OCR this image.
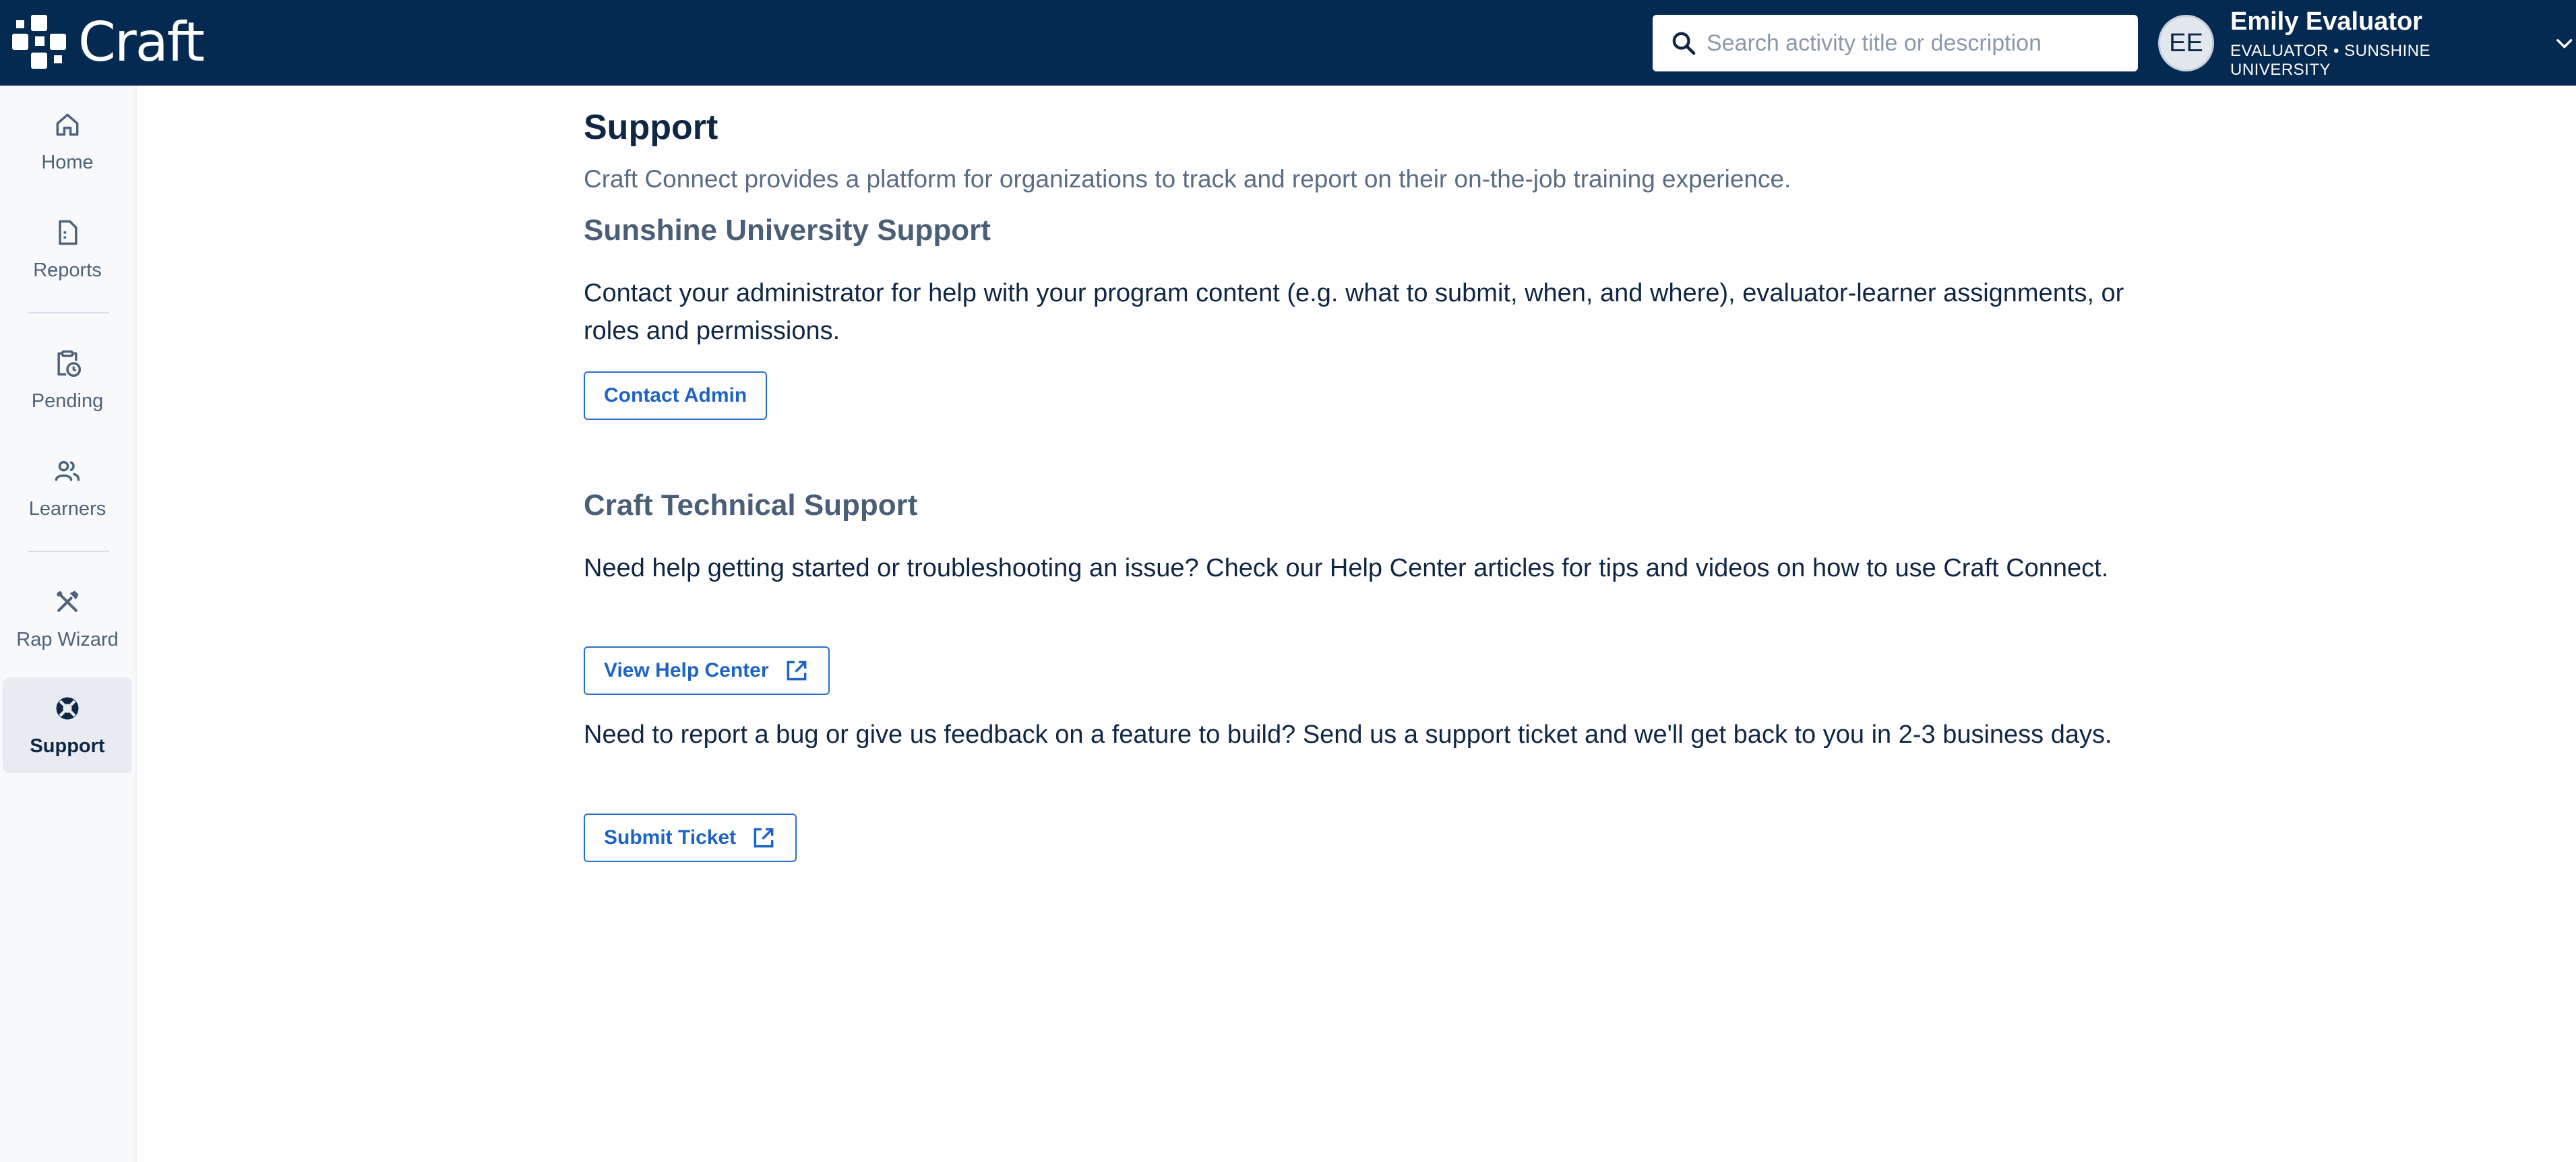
Craft
Search activity title or description	EE
Emily Evaluator
EVALUATOR • SUNSHINE UNIVERSITY
Home
Reports
Pending
Learners
Rap Wizard
Support
Support

Craft Connect provides a platform for organizations to track and report on their on-the-job training experience.

Sunshine University Support

Contact your administrator for help with your program content (e.g. what to submit, when, and where), evaluator-learner assignments, or roles and permissions.

Contact Admin
Craft Technical Support

Need help getting started or troubleshooting an issue? Check our Help Center articles for tips and videos on how to use Craft Connect.

View Help Center

Need to report a bug or give us feedback on a feature to build? Send us a support ticket and we'll get back to you in 2-3 business days.

Submit Ticket
